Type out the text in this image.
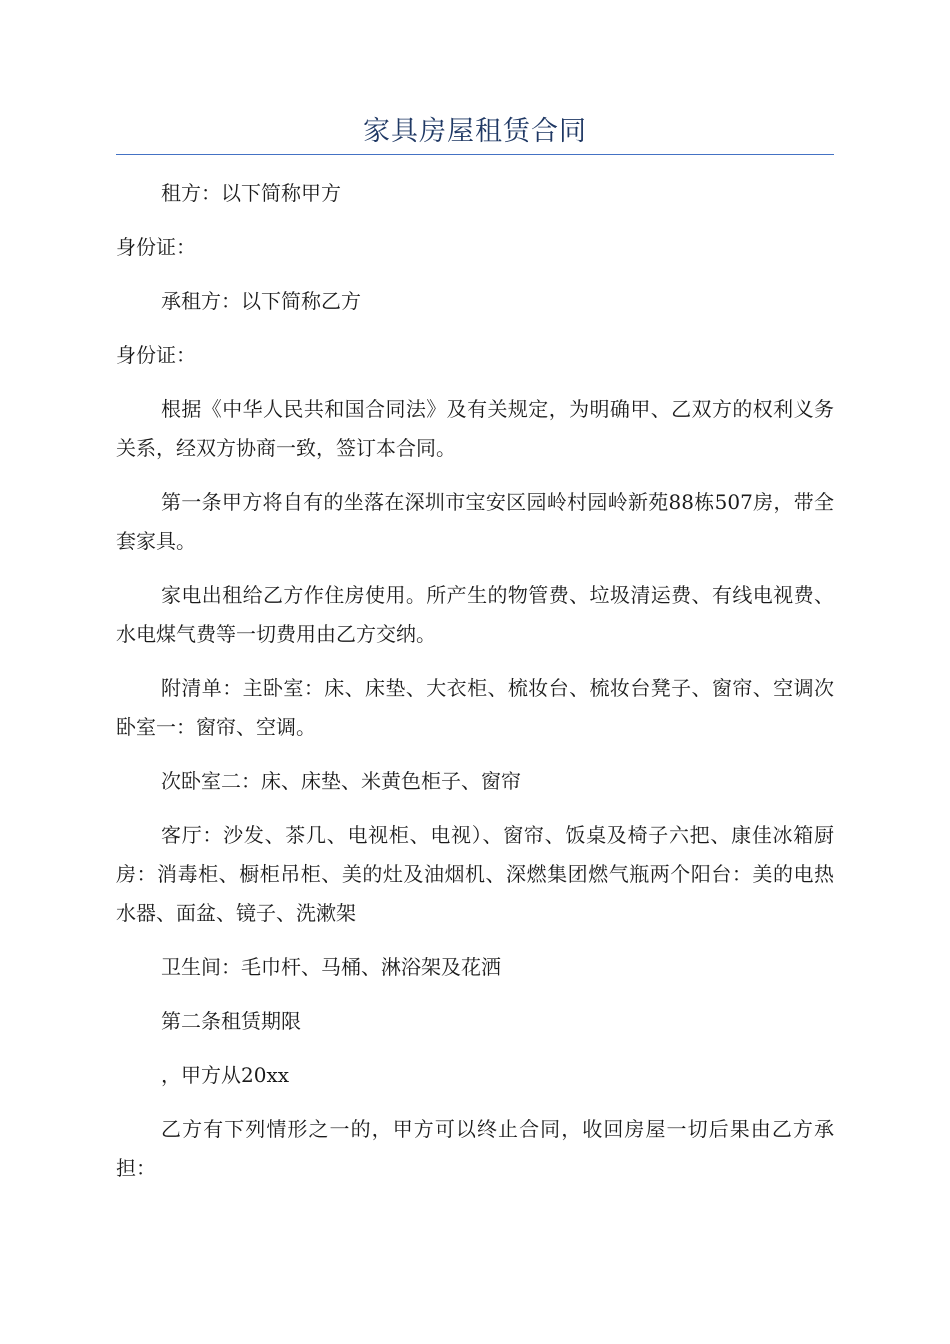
家具房屋租赁合同

租方：以下简称甲方

身份证：

承租方：以下简称乙方

身份证：

根据《中华人民共和国合同法》及有关规定，为明确甲、乙双方的权利义务关系，经双方协商一致，签订本合同。

第一条甲方将自有的坐落在深圳市宝安区园岭村园岭新苑88栋507房，带全套家具。

家电出租给乙方作住房使用。所产生的物管费、垃圾清运费、有线电视费、水电煤气费等一切费用由乙方交纳。

附清单：主卧室：床、床垫、大衣柜、梳妆台、梳妆台凳子、窗帘、空调次卧室一：窗帘、空调。

次卧室二：床、床垫、米黄色柜子、窗帘

客厅：沙发、茶几、电视柜、电视）、窗帘、饭桌及椅子六把、康佳冰箱厨房：消毒柜、橱柜吊柜、美的灶及油烟机、深燃集团燃气瓶两个阳台：美的电热水器、面盆、镜子、洗漱架

卫生间：毛巾杆、马桶、淋浴架及花洒

第二条租赁期限

，甲方从20xx

乙方有下列情形之一的，甲方可以终止合同，收回房屋一切后果由乙方承担：
